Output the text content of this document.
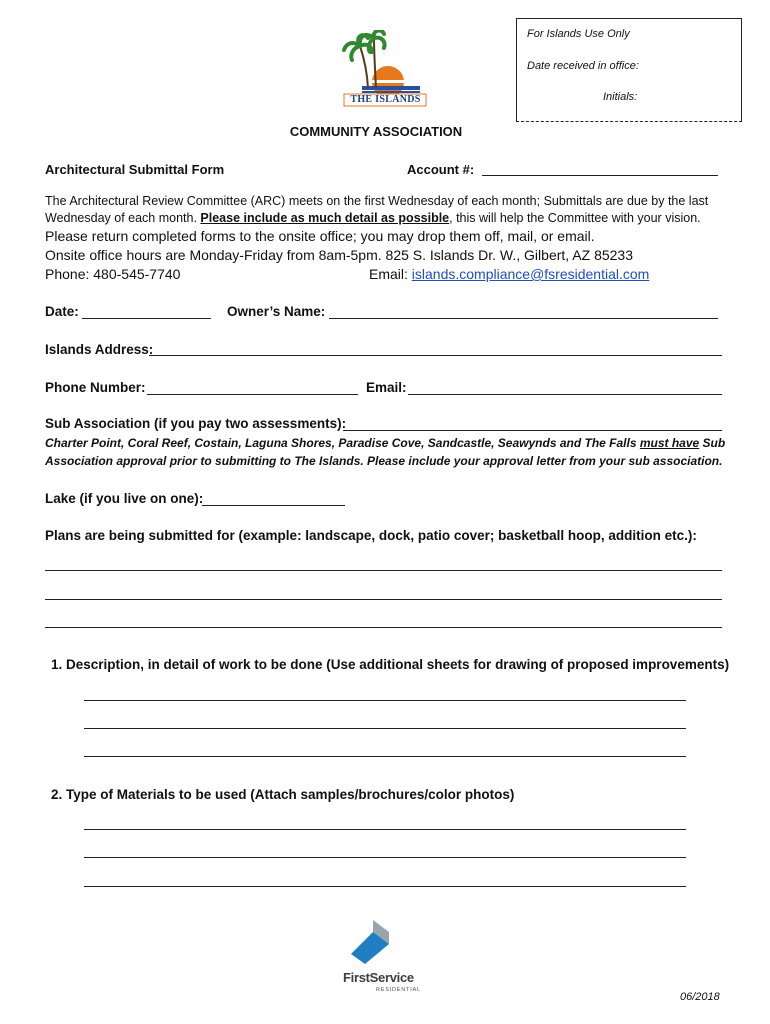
For Islands Use Only
Date received in office:
Initials:
THE ISLANDS
COMMUNITY ASSOCIATION
Architectural Submittal Form	Account #:
The Architectural Review Committee (ARC) meets on the first Wednesday of each month; Submittals are due by the last
Wednesday of each month. Please include as much detail as possible, this will help the Committee with your vision.
Please return completed forms to the onsite office; you may drop them off, mail, or email.
Onsite office hours are Monday-Friday from 8am-5pm. 825 S. Islands Dr. W., Gilbert, AZ 85233
Phone: 480-545-7740	Email: islands.compliance@fsresidential.com
Date:	Owner’s Name:
Islands Address:
Phone Number:	Email:
Sub Association (if you pay two assessments):
Charter Point, Coral Reef, Costain, Laguna Shores, Paradise Cove, Sandcastle, Seawynds and The Falls must have Sub
Association approval prior to submitting to The Islands. Please include your approval letter from your sub association.
Lake (if you live on one):
Plans are being submitted for (example: landscape, dock, patio cover; basketball hoop, addition etc.):
1. Description, in detail of work to be done (Use additional sheets for drawing of proposed improvements)
2. Type of Materials to be used (Attach samples/brochures/color photos)
FirstService
RESIDENTIAL
06/2018
